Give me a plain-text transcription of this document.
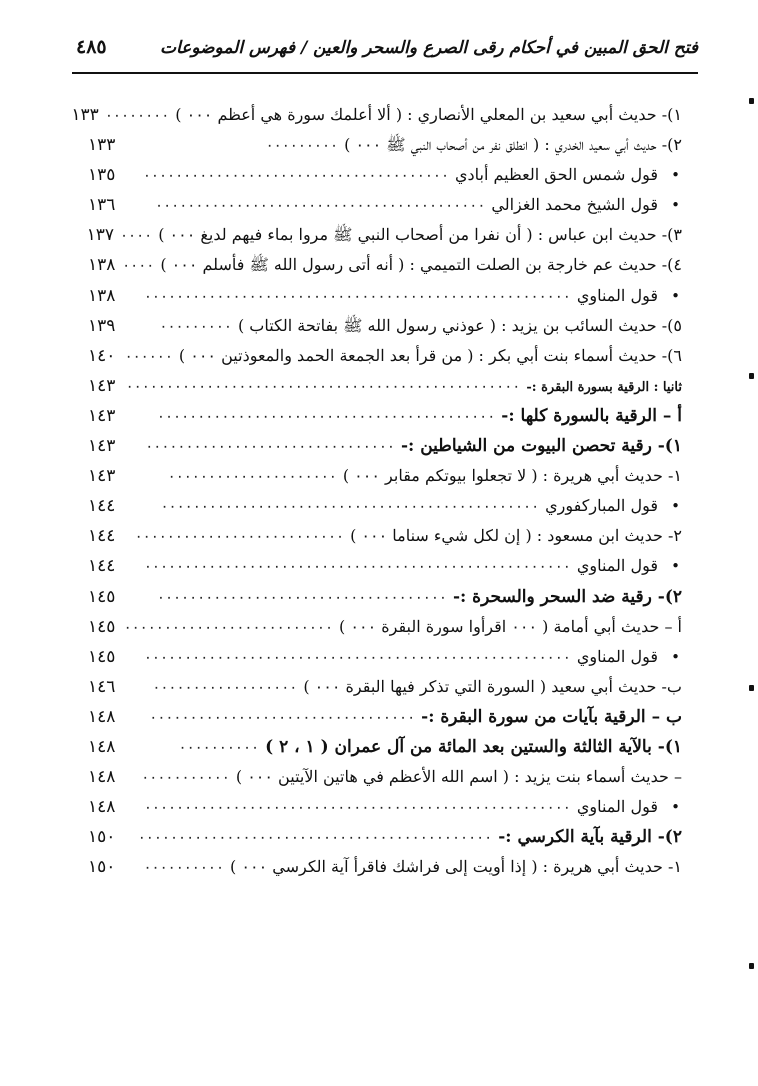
٤٨٥	فتح الحق المبين في أحكام رقى الصرع والسحر والعين / فهرس الموضوعات
١)- حديث أبي سعيد بن المعلي الأنصاري : ( ألا أعلمك سورة هي أعظم ٠٠٠ )
٠٠٠٠٠٠٠٠
١٣٣
٢)- حديث أبي سعيد الخدري : ( انطلق نفر من أصحاب النبي ﷺ ٠٠٠ )
٠٠٠٠٠٠٠٠٠
١٣٣
• قول شمس الحق العظيم أبادي
٠٠٠٠٠٠٠٠٠٠٠٠٠٠٠٠٠٠٠٠٠٠٠٠٠٠٠٠٠٠٠٠٠٠٠٠٠٠
١٣٥
• قول الشيخ محمد الغزالي
٠٠٠٠٠٠٠٠٠٠٠٠٠٠٠٠٠٠٠٠٠٠٠٠٠٠٠٠٠٠٠٠٠٠٠٠٠٠٠٠٠
١٣٦
٣)- حديث ابن عباس : ( أن نفرا من أصحاب النبي ﷺ مروا بماء فيهم لديغ ٠٠٠ )
٠٠٠٠
١٣٧
٤)- حديث عم خارجة بن الصلت التميمي : ( أنه أتى رسول الله ﷺ فأسلم ٠٠٠ )
٠٠٠٠
١٣٨
• قول المناوي
٠٠٠٠٠٠٠٠٠٠٠٠٠٠٠٠٠٠٠٠٠٠٠٠٠٠٠٠٠٠٠٠٠٠٠٠٠٠٠٠٠٠٠٠٠٠٠٠٠٠٠٠٠
١٣٨
٥)- حديث السائب بن يزيد : ( عوذني رسول الله ﷺ بفاتحة الكتاب )
٠٠٠٠٠٠٠٠٠
١٣٩
٦)- حديث أسماء بنت أبي بكر : ( من قرأ بعد الجمعة الحمد والمعوذتين ٠٠٠ )
٠٠٠٠٠٠
١٤٠
ثانيا : الرقية بسورة البقرة :-
٠٠٠٠٠٠٠٠٠٠٠٠٠٠٠٠٠٠٠٠٠٠٠٠٠٠٠٠٠٠٠٠٠٠٠٠٠٠٠٠٠٠٠٠٠٠٠٠٠
١٤٣
أ – الرقية بالسورة كلها :-
٠٠٠٠٠٠٠٠٠٠٠٠٠٠٠٠٠٠٠٠٠٠٠٠٠٠٠٠٠٠٠٠٠٠٠٠٠٠٠٠٠٠
١٤٣
١)- رقية تحصن البيوت من الشياطين :-
٠٠٠٠٠٠٠٠٠٠٠٠٠٠٠٠٠٠٠٠٠٠٠٠٠٠٠٠٠٠٠
١٤٣
١- حديث أبي هريرة : ( لا تجعلوا بيوتكم مقابر ٠٠٠ )
٠٠٠٠٠٠٠٠٠٠٠٠٠٠٠٠٠٠٠٠٠
١٤٣
• قول المباركفوري
٠٠٠٠٠٠٠٠٠٠٠٠٠٠٠٠٠٠٠٠٠٠٠٠٠٠٠٠٠٠٠٠٠٠٠٠٠٠٠٠٠٠٠٠٠٠٠
١٤٤
٢- حديث ابن مسعود : ( إن لكل شيء سناما ٠٠٠ )
٠٠٠٠٠٠٠٠٠٠٠٠٠٠٠٠٠٠٠٠٠٠٠٠٠٠
١٤٤
• قول المناوي
٠٠٠٠٠٠٠٠٠٠٠٠٠٠٠٠٠٠٠٠٠٠٠٠٠٠٠٠٠٠٠٠٠٠٠٠٠٠٠٠٠٠٠٠٠٠٠٠٠٠٠٠٠
١٤٤
٢)- رقية ضد السحر والسحرة :-
٠٠٠٠٠٠٠٠٠٠٠٠٠٠٠٠٠٠٠٠٠٠٠٠٠٠٠٠٠٠٠٠٠٠٠٠
١٤٥
أ – حديث أبي أمامة ( ٠٠٠ اقرأوا سورة البقرة ٠٠٠ )
٠٠٠٠٠٠٠٠٠٠٠٠٠٠٠٠٠٠٠٠٠٠٠٠٠٠
١٤٥
• قول المناوي
٠٠٠٠٠٠٠٠٠٠٠٠٠٠٠٠٠٠٠٠٠٠٠٠٠٠٠٠٠٠٠٠٠٠٠٠٠٠٠٠٠٠٠٠٠٠٠٠٠٠٠٠٠
١٤٥
ب- حديث أبي سعيد ( السورة التي تذكر فيها البقرة ٠٠٠ )
٠٠٠٠٠٠٠٠٠٠٠٠٠٠٠٠٠٠
١٤٦
ب – الرقية بآيات من سورة البقرة :-
٠٠٠٠٠٠٠٠٠٠٠٠٠٠٠٠٠٠٠٠٠٠٠٠٠٠٠٠٠٠٠٠٠
١٤٨
١)- بالآية الثالثة والستين بعد المائة من آل عمران ( ١ ، ٢ )
٠٠٠٠٠٠٠٠٠٠
١٤٨
– حديث أسماء بنت يزيد : ( اسم الله الأعظم في هاتين الآيتين ٠٠٠ )
٠٠٠٠٠٠٠٠٠٠٠
١٤٨
• قول المناوي
٠٠٠٠٠٠٠٠٠٠٠٠٠٠٠٠٠٠٠٠٠٠٠٠٠٠٠٠٠٠٠٠٠٠٠٠٠٠٠٠٠٠٠٠٠٠٠٠٠٠٠٠٠
١٤٨
٢)- الرقية بآية الكرسي :-
٠٠٠٠٠٠٠٠٠٠٠٠٠٠٠٠٠٠٠٠٠٠٠٠٠٠٠٠٠٠٠٠٠٠٠٠٠٠٠٠٠٠٠٠
١٥٠
١- حديث أبي هريرة : ( إذا أويت إلى فراشك فاقرأ آية الكرسي ٠٠٠ )
٠٠٠٠٠٠٠٠٠٠
١٥٠
